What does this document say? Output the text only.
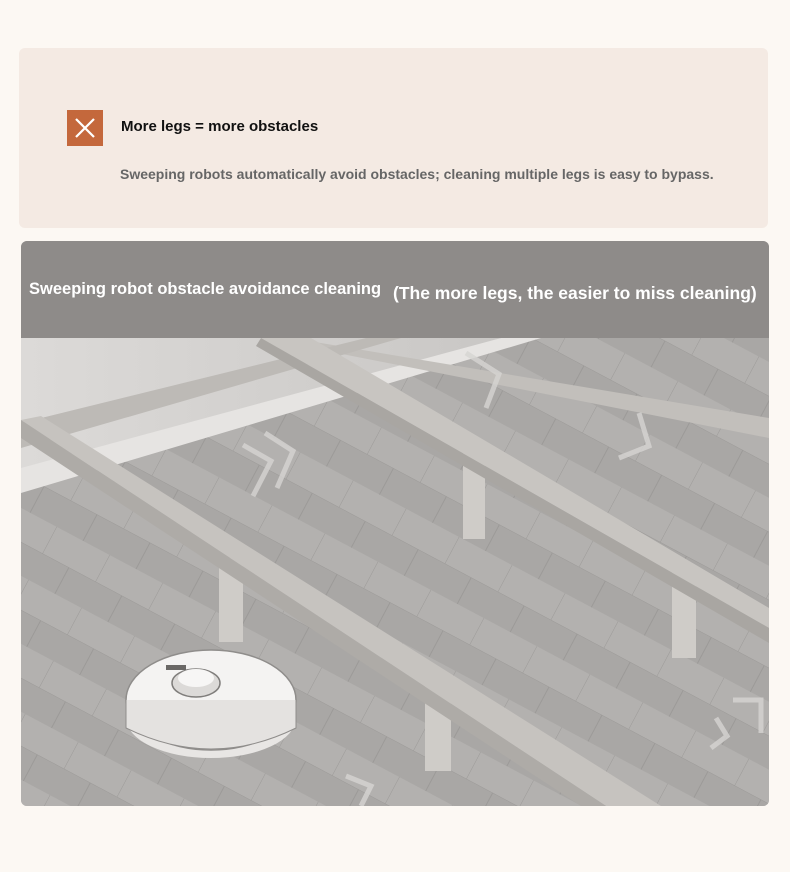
More legs = more obstacles
Sweeping robots automatically avoid obstacles; cleaning multiple legs is easy to bypass.
Sweeping robot obstacle avoidance cleaning (The more legs, the easier to miss cleaning)
